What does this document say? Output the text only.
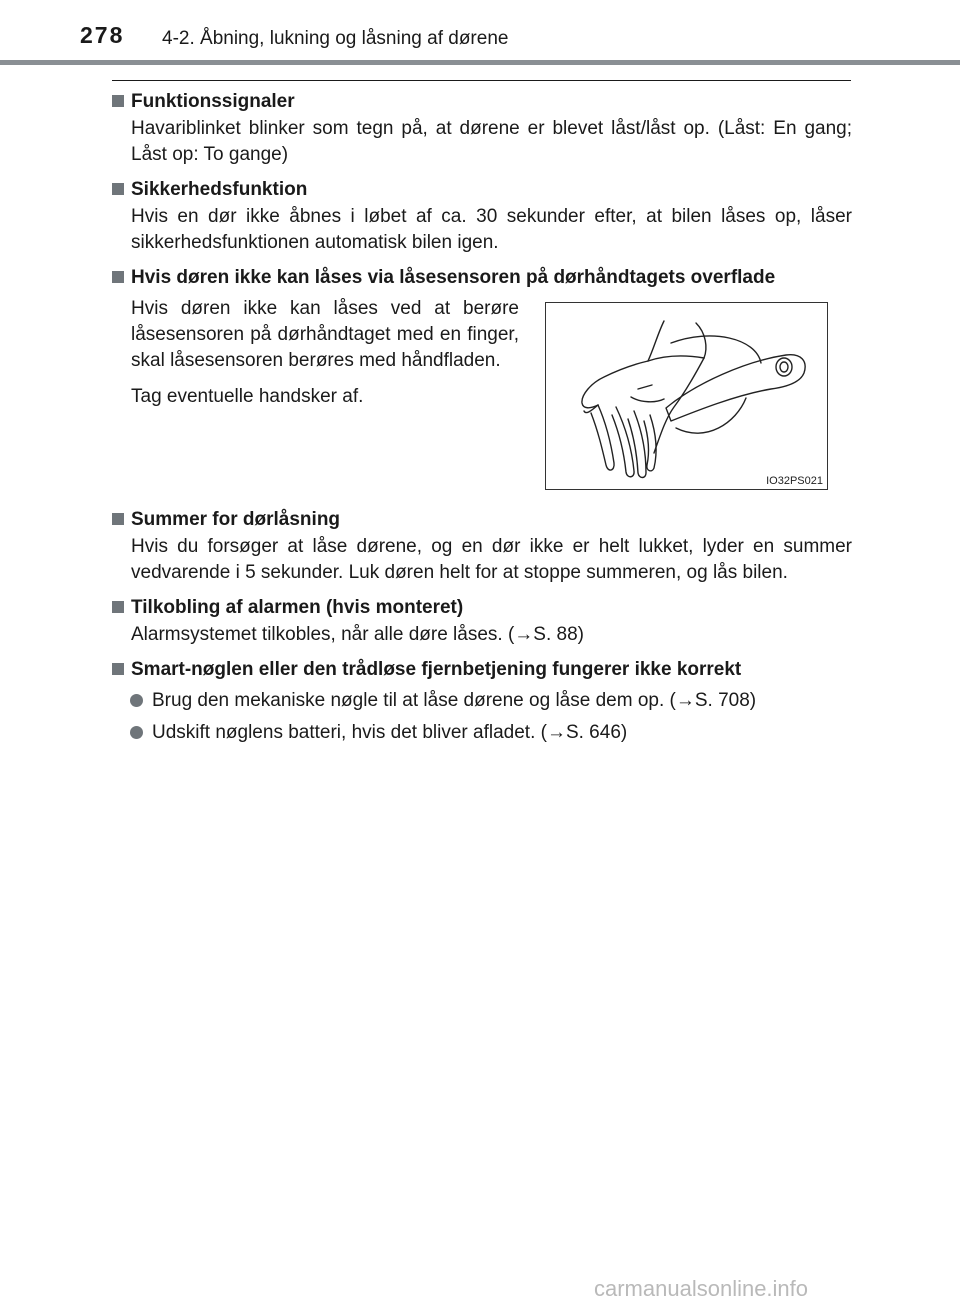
278 4-2. Åbning, lukning og låsning af dørene
Funktionssignaler
Havariblinket blinker som tegn på, at dørene er blevet låst/låst op. (Låst: En gang; Låst op: To gange)
Sikkerhedsfunktion
Hvis en dør ikke åbnes i løbet af ca. 30 sekunder efter, at bilen låses op, låser sikkerhedsfunktionen automatisk bilen igen.
Hvis døren ikke kan låses via låsesensoren på dørhåndtagets overflade

Hvis døren ikke kan låses ved at berøre låsesensoren på dørhåndtaget med en finger, skal låsesensoren berøres med håndfladen.

Tag eventuelle handsker af.

IO32PS021
Summer for dørlåsning
Hvis du forsøger at låse dørene, og en dør ikke er helt lukket, lyder en summer vedvarende i 5 sekunder. Luk døren helt for at stoppe summeren, og lås bilen.
Tilkobling af alarmen (hvis monteret)
Alarmsystemet tilkobles, når alle døre låses. (→S. 88)
Smart-nøglen eller den trådløse fjernbetjening fungerer ikke korrekt
Brug den mekaniske nøgle til at låse dørene og låse dem op. (→S. 708)
Udskift nøglens batteri, hvis det bliver afladet. (→S. 646)
carmanualsonline.info
